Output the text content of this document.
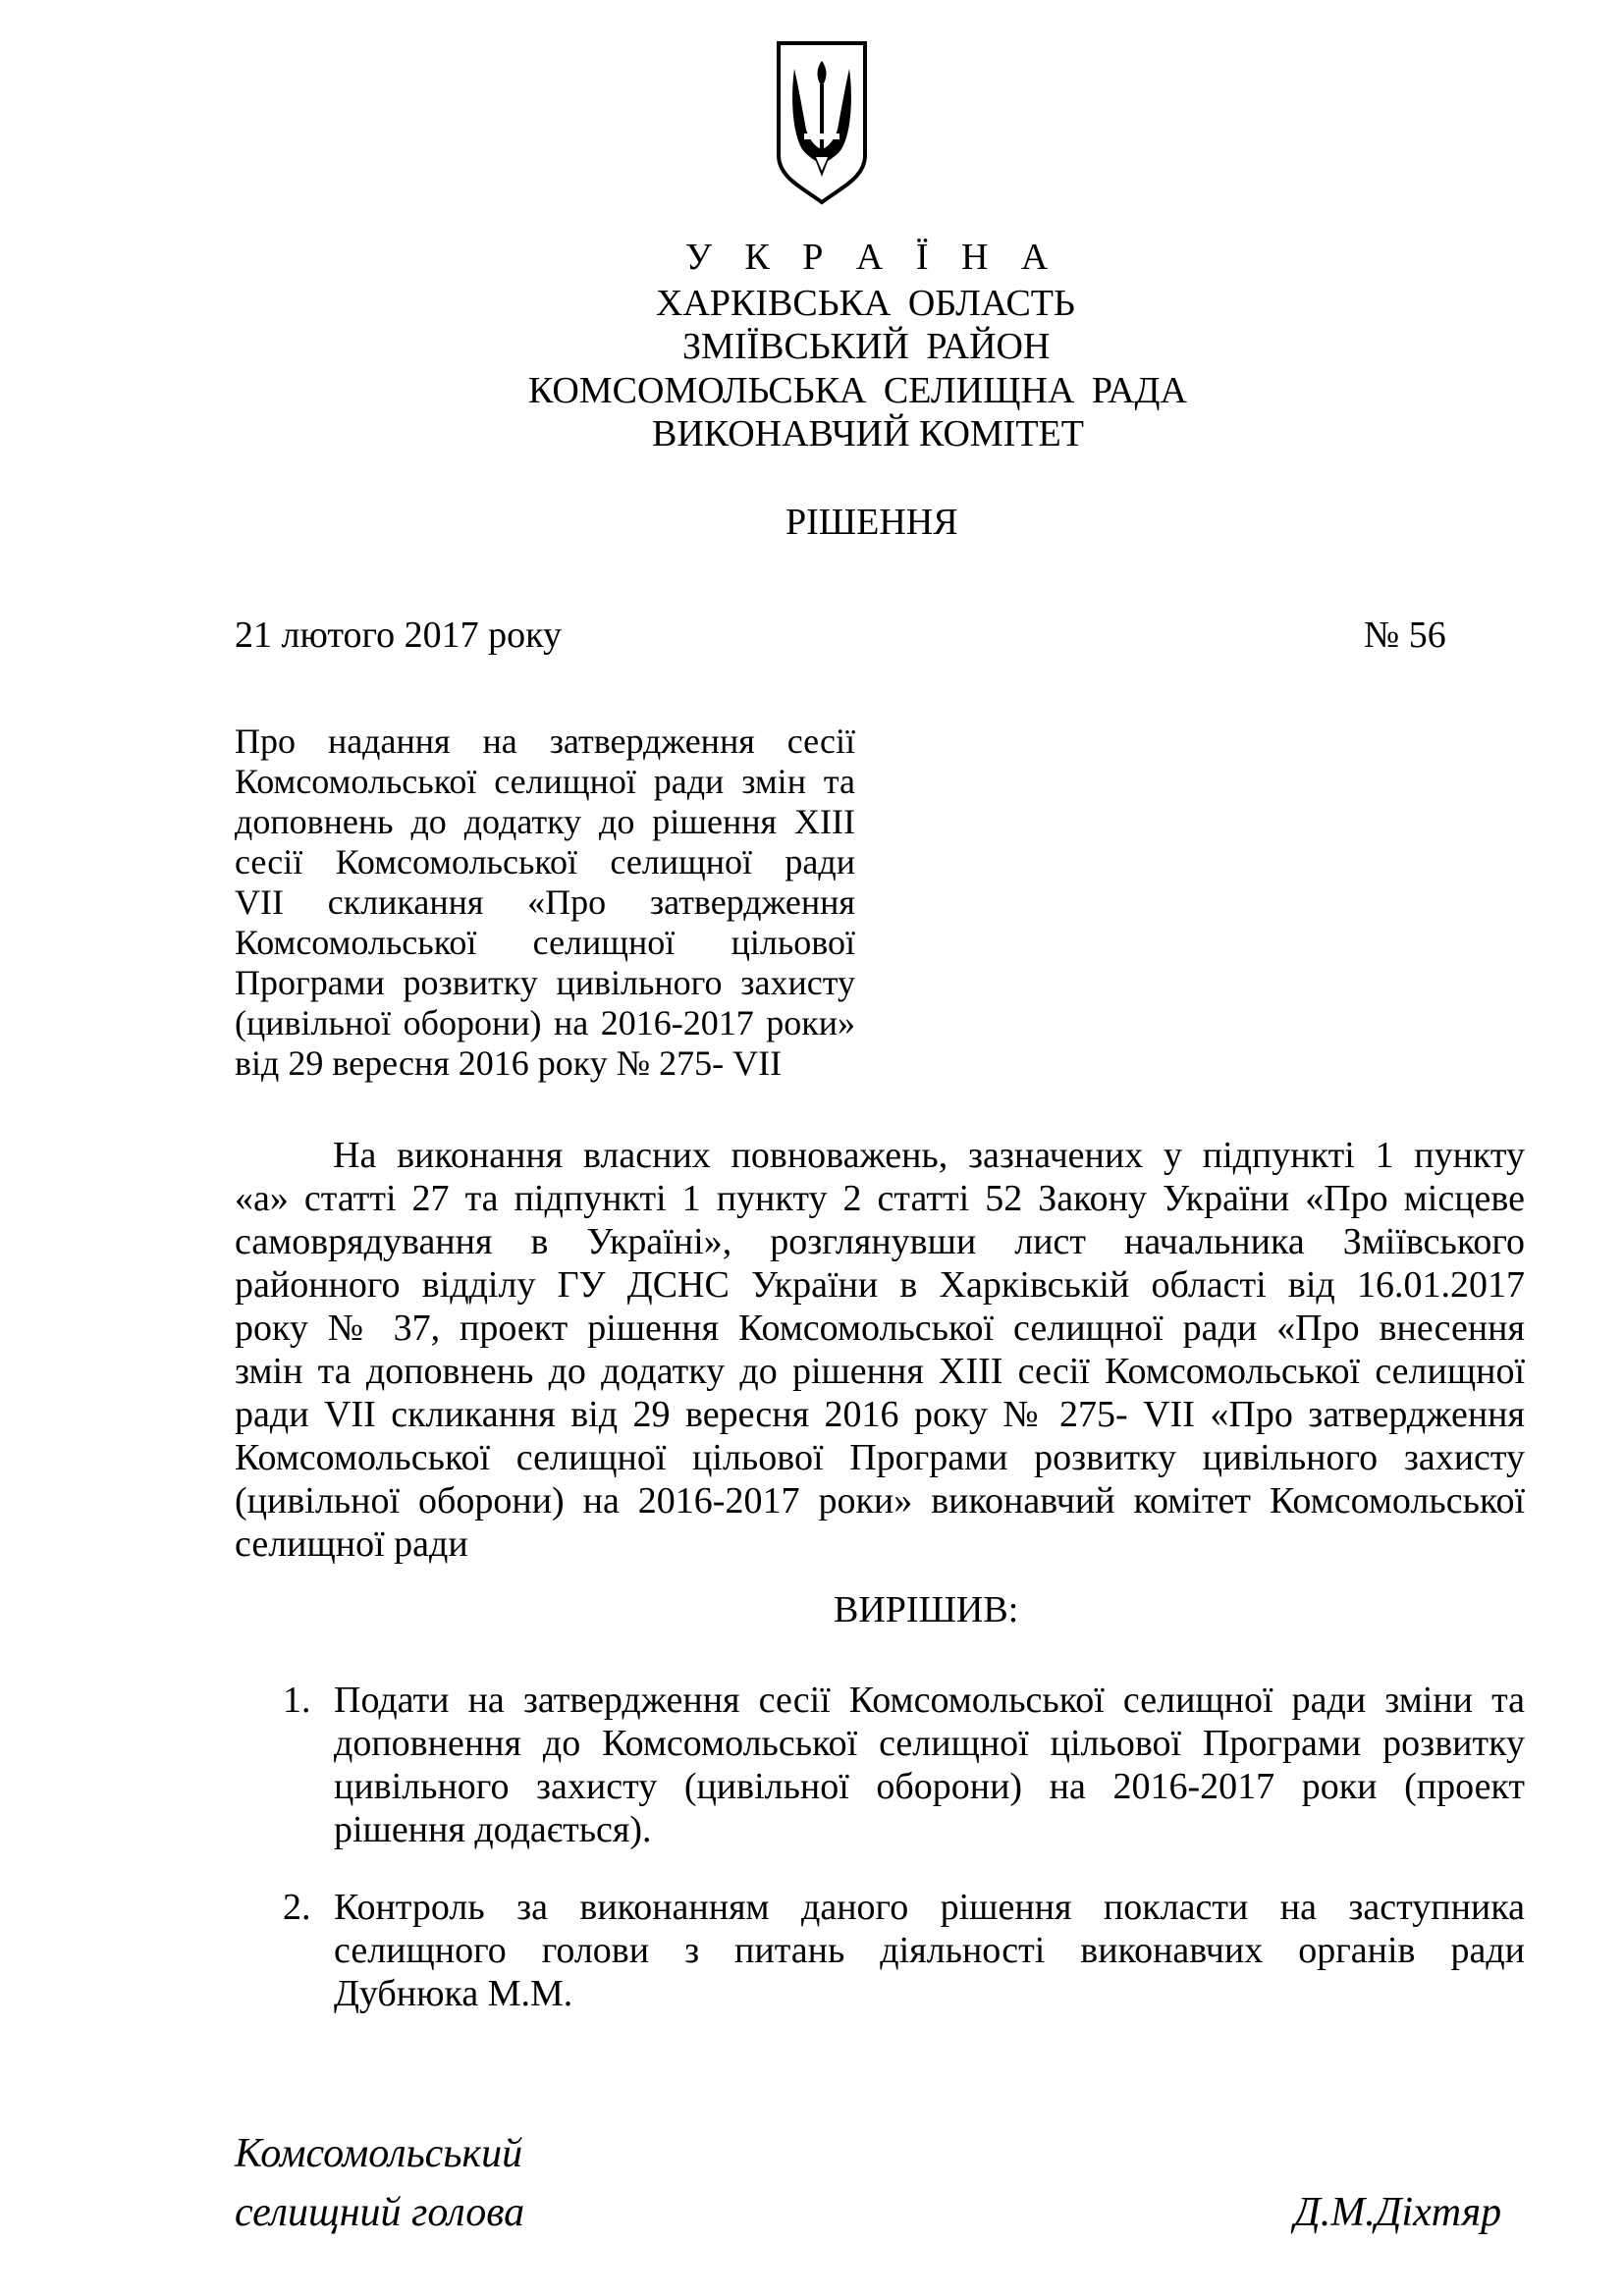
У К Р А Ї Н А
ХАРКІВСЬКА ОБЛАСТЬ
ЗМІЇВСЬКИЙ РАЙОН
КОМСОМОЛЬСЬКА СЕЛИЩНА РАДА
ВИКОНАВЧИЙ КОМІТЕТ
РІШЕННЯ
21 лютого 2017 року	№ 56
Про надання на затвердження сесії
Комсомольської селищної ради змін та
доповнень до додатку до рішення XIII
сесії Комсомольської селищної ради
VII скликання «Про затвердження
Комсомольської селищної цільової
Програми розвитку цивільного захисту
(цивільної оборони) на 2016-2017 роки»
від 29 вересня 2016 року № 275- VII
На виконання власних повноважень, зазначених у підпункті 1 пункту
«а» статті 27 та підпункті 1 пункту 2 статті 52 Закону України «Про місцеве
самоврядування в Україні», розглянувши лист начальника Зміївського
районного відділу ГУ ДСНС України в Харківській області від 16.01.2017
року № 37, проект рішення Комсомольської селищної ради «Про внесення
змін та доповнень до додатку до рішення XIII сесії Комсомольської селищної
ради VII скликання від 29 вересня 2016 року № 275- VII «Про затвердження
Комсомольської селищної цільової Програми розвитку цивільного захисту
(цивільної оборони) на 2016-2017 роки» виконавчий комітет Комсомольської
селищної ради
ВИРІШИВ:
1. Подати на затвердження сесії Комсомольської селищної ради зміни та
доповнення до Комсомольської селищної цільової Програми розвитку
цивільного захисту (цивільної оборони) на 2016-2017 роки (проект
рішення додається).
2. Контроль за виконанням даного рішення покласти на заступника
селищного голови з питань діяльності виконавчих органів ради
Дубнюка М.М.
Комсомольський
селищний голова	Д.М.Діхтяр
